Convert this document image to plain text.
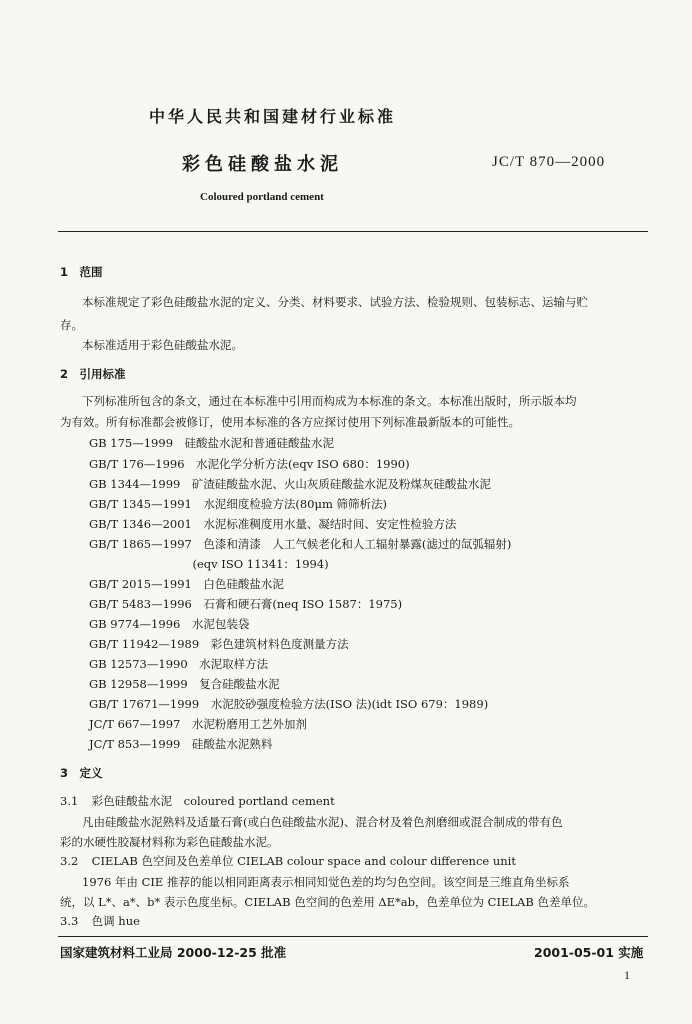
中华人民共和国建材行业标准
彩色硅酸盐水泥	JC/T 870—2000
Coloured portland cement
1　范围
本标准规定了彩色硅酸盐水泥的定义、分类、材料要求、试验方法、检验规则、包装标志、运输与贮
存。
本标准适用于彩色硅酸盐水泥。
2　引用标准
下列标准所包含的条文，通过在本标准中引用而构成为本标准的条文。本标准出版时，所示版本均
为有效。所有标准都会被修订，使用本标准的各方应探讨使用下列标准最新版本的可能性。
GB 175—1999　硅酸盐水泥和普通硅酸盐水泥
GB/T 176—1996　水泥化学分析方法(eqv ISO 680：1990)
GB 1344—1999　矿渣硅酸盐水泥、火山灰质硅酸盐水泥及粉煤灰硅酸盐水泥
GB/T 1345—1991　水泥细度检验方法(80μm 筛筛析法)
GB/T 1346—2001　水泥标准稠度用水量、凝结时间、安定性检验方法
GB/T 1865—1997　色漆和清漆　人工气候老化和人工辐射暴露(滤过的氙弧辐射)
　　　　　　　　　(eqv ISO 11341：1994)
GB/T 2015—1991　白色硅酸盐水泥
GB/T 5483—1996　石膏和硬石膏(neq ISO 1587：1975)
GB 9774—1996　水泥包装袋
GB/T 11942—1989　彩色建筑材料色度测量方法
GB 12573—1990　水泥取样方法
GB 12958—1999　复合硅酸盐水泥
GB/T 17671—1999　水泥胶砂强度检验方法(ISO 法)(idt ISO 679：1989)
JC/T 667—1997　水泥粉磨用工艺外加剂
JC/T 853—1999　硅酸盐水泥熟料
3　定义
3.1 彩色硅酸盐水泥　coloured portland cement
凡由硅酸盐水泥熟料及适量石膏(或白色硅酸盐水泥)、混合材及着色剂磨细或混合制成的带有色
彩的水硬性胶凝材料称为彩色硅酸盐水泥。
3.2 CIELAB 色空间及色差单位 CIELAB colour space and colour difference unit
1976 年由 CIE 推荐的能以相同距离表示相同知觉色差的均匀色空间。该空间是三维直角坐标系
统，以 L*、a*、b* 表示色度坐标。CIELAB 色空间的色差用 ΔE*ab，色差单位为 CIELAB 色差单位。
3.3 色调 hue
国家建筑材料工业局 2000-12-25 批准	2001-05-01 实施
1
